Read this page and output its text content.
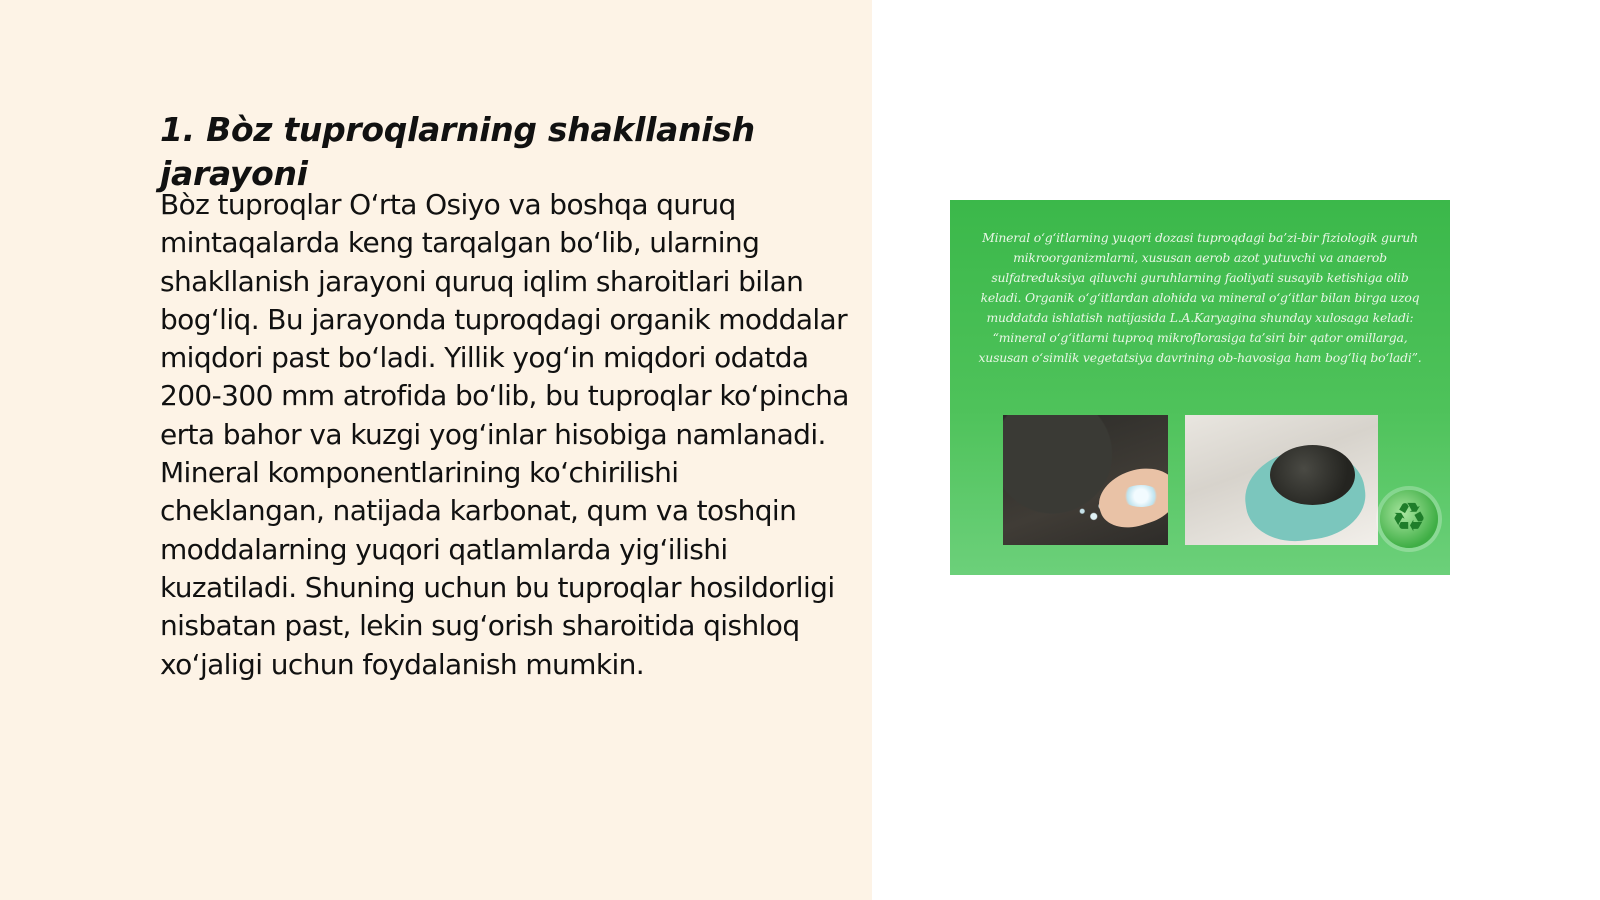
1. Bòz tuproqlarning shakllanish jarayoni

Bòz tuproqlar O‘rta Osiyo va boshqa quruq mintaqalarda keng tarqalgan bo‘lib, ularning shakllanish jarayoni quruq iqlim sharoitlari bilan bog‘liq. Bu jarayonda tuproqdagi organik moddalar miqdori past bo‘ladi. Yillik yog‘in miqdori odatda 200-300 mm atrofida bo‘lib, bu tuproqlar ko‘pincha erta bahor va kuzgi yog‘inlar hisobiga namlanadi. Mineral komponentlarining ko‘chirilishi cheklangan, natijada karbonat, qum va toshqin moddalarning yuqori qatlamlarda yig‘ilishi kuzatiladi. Shuning uchun bu tuproqlar hosildorligi nisbatan past, lekin sug‘orish sharoitida qishloq xo‘jaligi uchun foydalanish mumkin.

Mineral o‘g‘itlarning yuqori dozasi tuproqdagi ba’zi-bir fiziologik guruh mikroorganizmlarni, xususan aerob azot yutuvchi va anaerob sulfatreduksiya qiluvchi guruhlarning faoliyati susayib ketishiga olib keladi. Organik o‘g‘itlardan alohida va mineral o‘g‘itlar bilan birga uzoq muddatda ishlatish natijasida L.A.Karyagina shunday xulosaga keladi: “mineral o‘g‘itlarni tuproq mikroflorasiga ta’siri bir qator omillarga, xususan o‘simlik vegetatsiya davrining ob-havosiga ham bog‘liq bo‘ladi”.

♻
